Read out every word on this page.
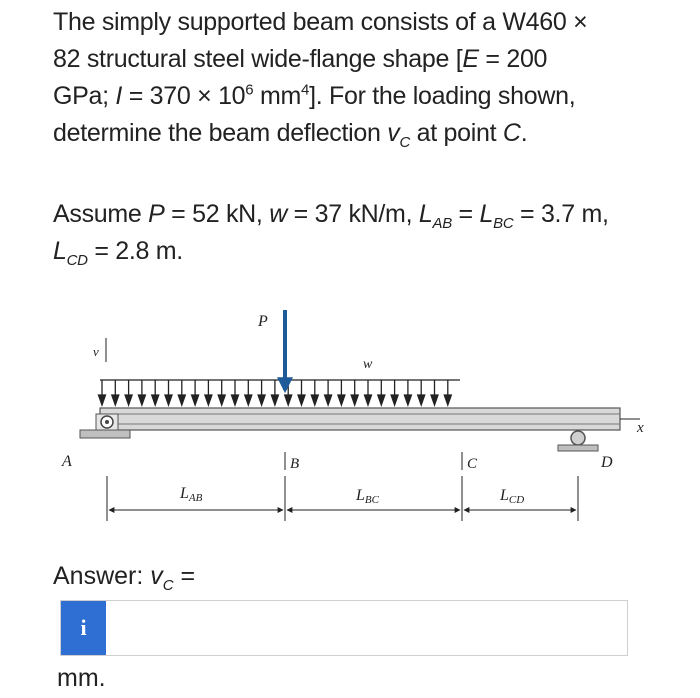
The simply supported beam consists of a W460 ×

82 structural steel wide-flange shape [E = 200

GPa; $I = 370 \times 10^6$ $mm^4$]. For the loading shown,

determine the beam deflection $v_C$ at point C.

Assume P = 52 kN, w = 37 kN/m, $L_{AB} = L_{BC} = 3.7$ m,

$L_{CD} = 2.8$ m.

v
w
P
x
A	D
B	C
LAB	LBC	LCD
Answer: $v_C$ =
i
mm.
